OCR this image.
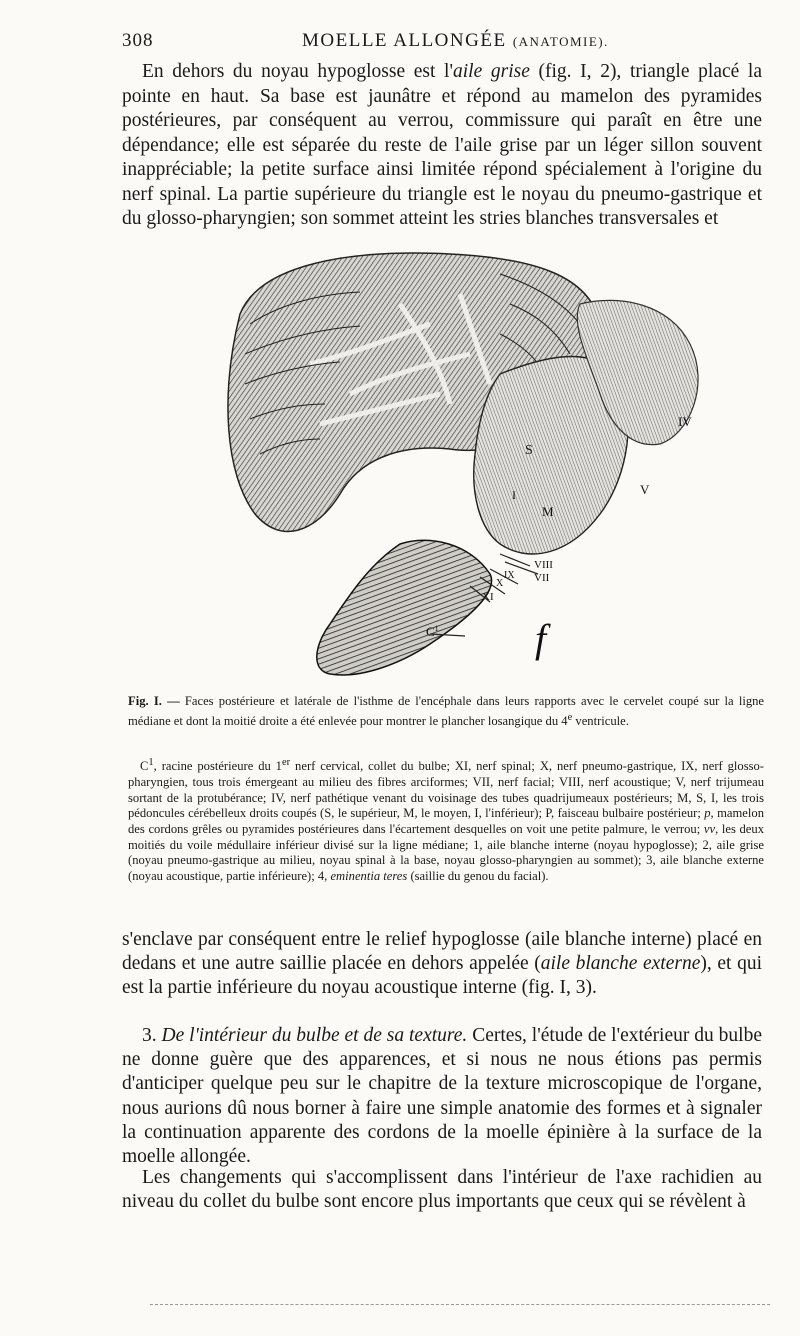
308	MOELLE ALLONGÉE (ANATOMIE).

En dehors du noyau hypoglosse est l'aile grise (fig. I, 2), triangle placé la pointe en haut. Sa base est jaunâtre et répond au mamelon des pyramides postérieures, par conséquent au verrou, commissure qui paraît en être une dépendance; elle est séparée du reste de l'aile grise par un léger sillon souvent inappréciable; la petite surface ainsi limitée répond spécialement à l'origine du nerf spinal. La partie supérieure du triangle est le noyau du pneumo-gastrique et du glosso-pharyngien; son sommet atteint les stries blanches transversales et

IV
V
S
M
I
VIII
VII
IX
X
XI
$C^1$ f

Fig. I. — Faces postérieure et latérale de l'isthme de l'encéphale dans leurs rapports avec le cervelet coupé sur la ligne médiane et dont la moitié droite a été enlevée pour montrer le plancher losangique du 4e ventricule.

$C^1$, racine postérieure du 1er nerf cervical, collet du bulbe; XI, nerf spinal; X, nerf pneumo-gastrique, IX, nerf glosso-pharyngien, tous trois émergeant au milieu des fibres arciformes; VII, nerf facial; VIII, nerf acoustique; V, nerf trijumeau sortant de la protubérance; IV, nerf pathétique venant du voisinage des tubes quadrijumeaux postérieurs; M, S, I, les trois pédoncules cérébelleux droits coupés (S, le supérieur, M, le moyen, I, l'inférieur); P, faisceau bulbaire postérieur; p, mamelon des cordons grêles ou pyramides postérieures dans l'écartement desquelles on voit une petite palmure, le verrou; vv, les deux moitiés du voile médullaire inférieur divisé sur la ligne médiane; 1, aile blanche interne (noyau hypoglosse); 2, aile grise (noyau pneumo-gastrique au milieu, noyau spinal à la base, noyau glosso-pharyngien au sommet); 3, aile blanche externe (noyau acoustique, partie inférieure); 4, eminentia teres (saillie du genou du facial).

s'enclave par conséquent entre le relief hypoglosse (aile blanche interne) placé en dedans et une autre saillie placée en dehors appelée (aile blanche externe), et qui est la partie inférieure du noyau acoustique interne (fig. I, 3).

3. De l'intérieur du bulbe et de sa texture. Certes, l'étude de l'extérieur du bulbe ne donne guère que des apparences, et si nous ne nous étions pas permis d'anticiper quelque peu sur le chapitre de la texture microscopique de l'organe, nous aurions dû nous borner à faire une simple anatomie des formes et à signaler la continuation apparente des cordons de la moelle épinière à la surface de la moelle allongée.

Les changements qui s'accomplissent dans l'intérieur de l'axe rachidien au niveau du collet du bulbe sont encore plus importants que ceux qui se révèlent à
